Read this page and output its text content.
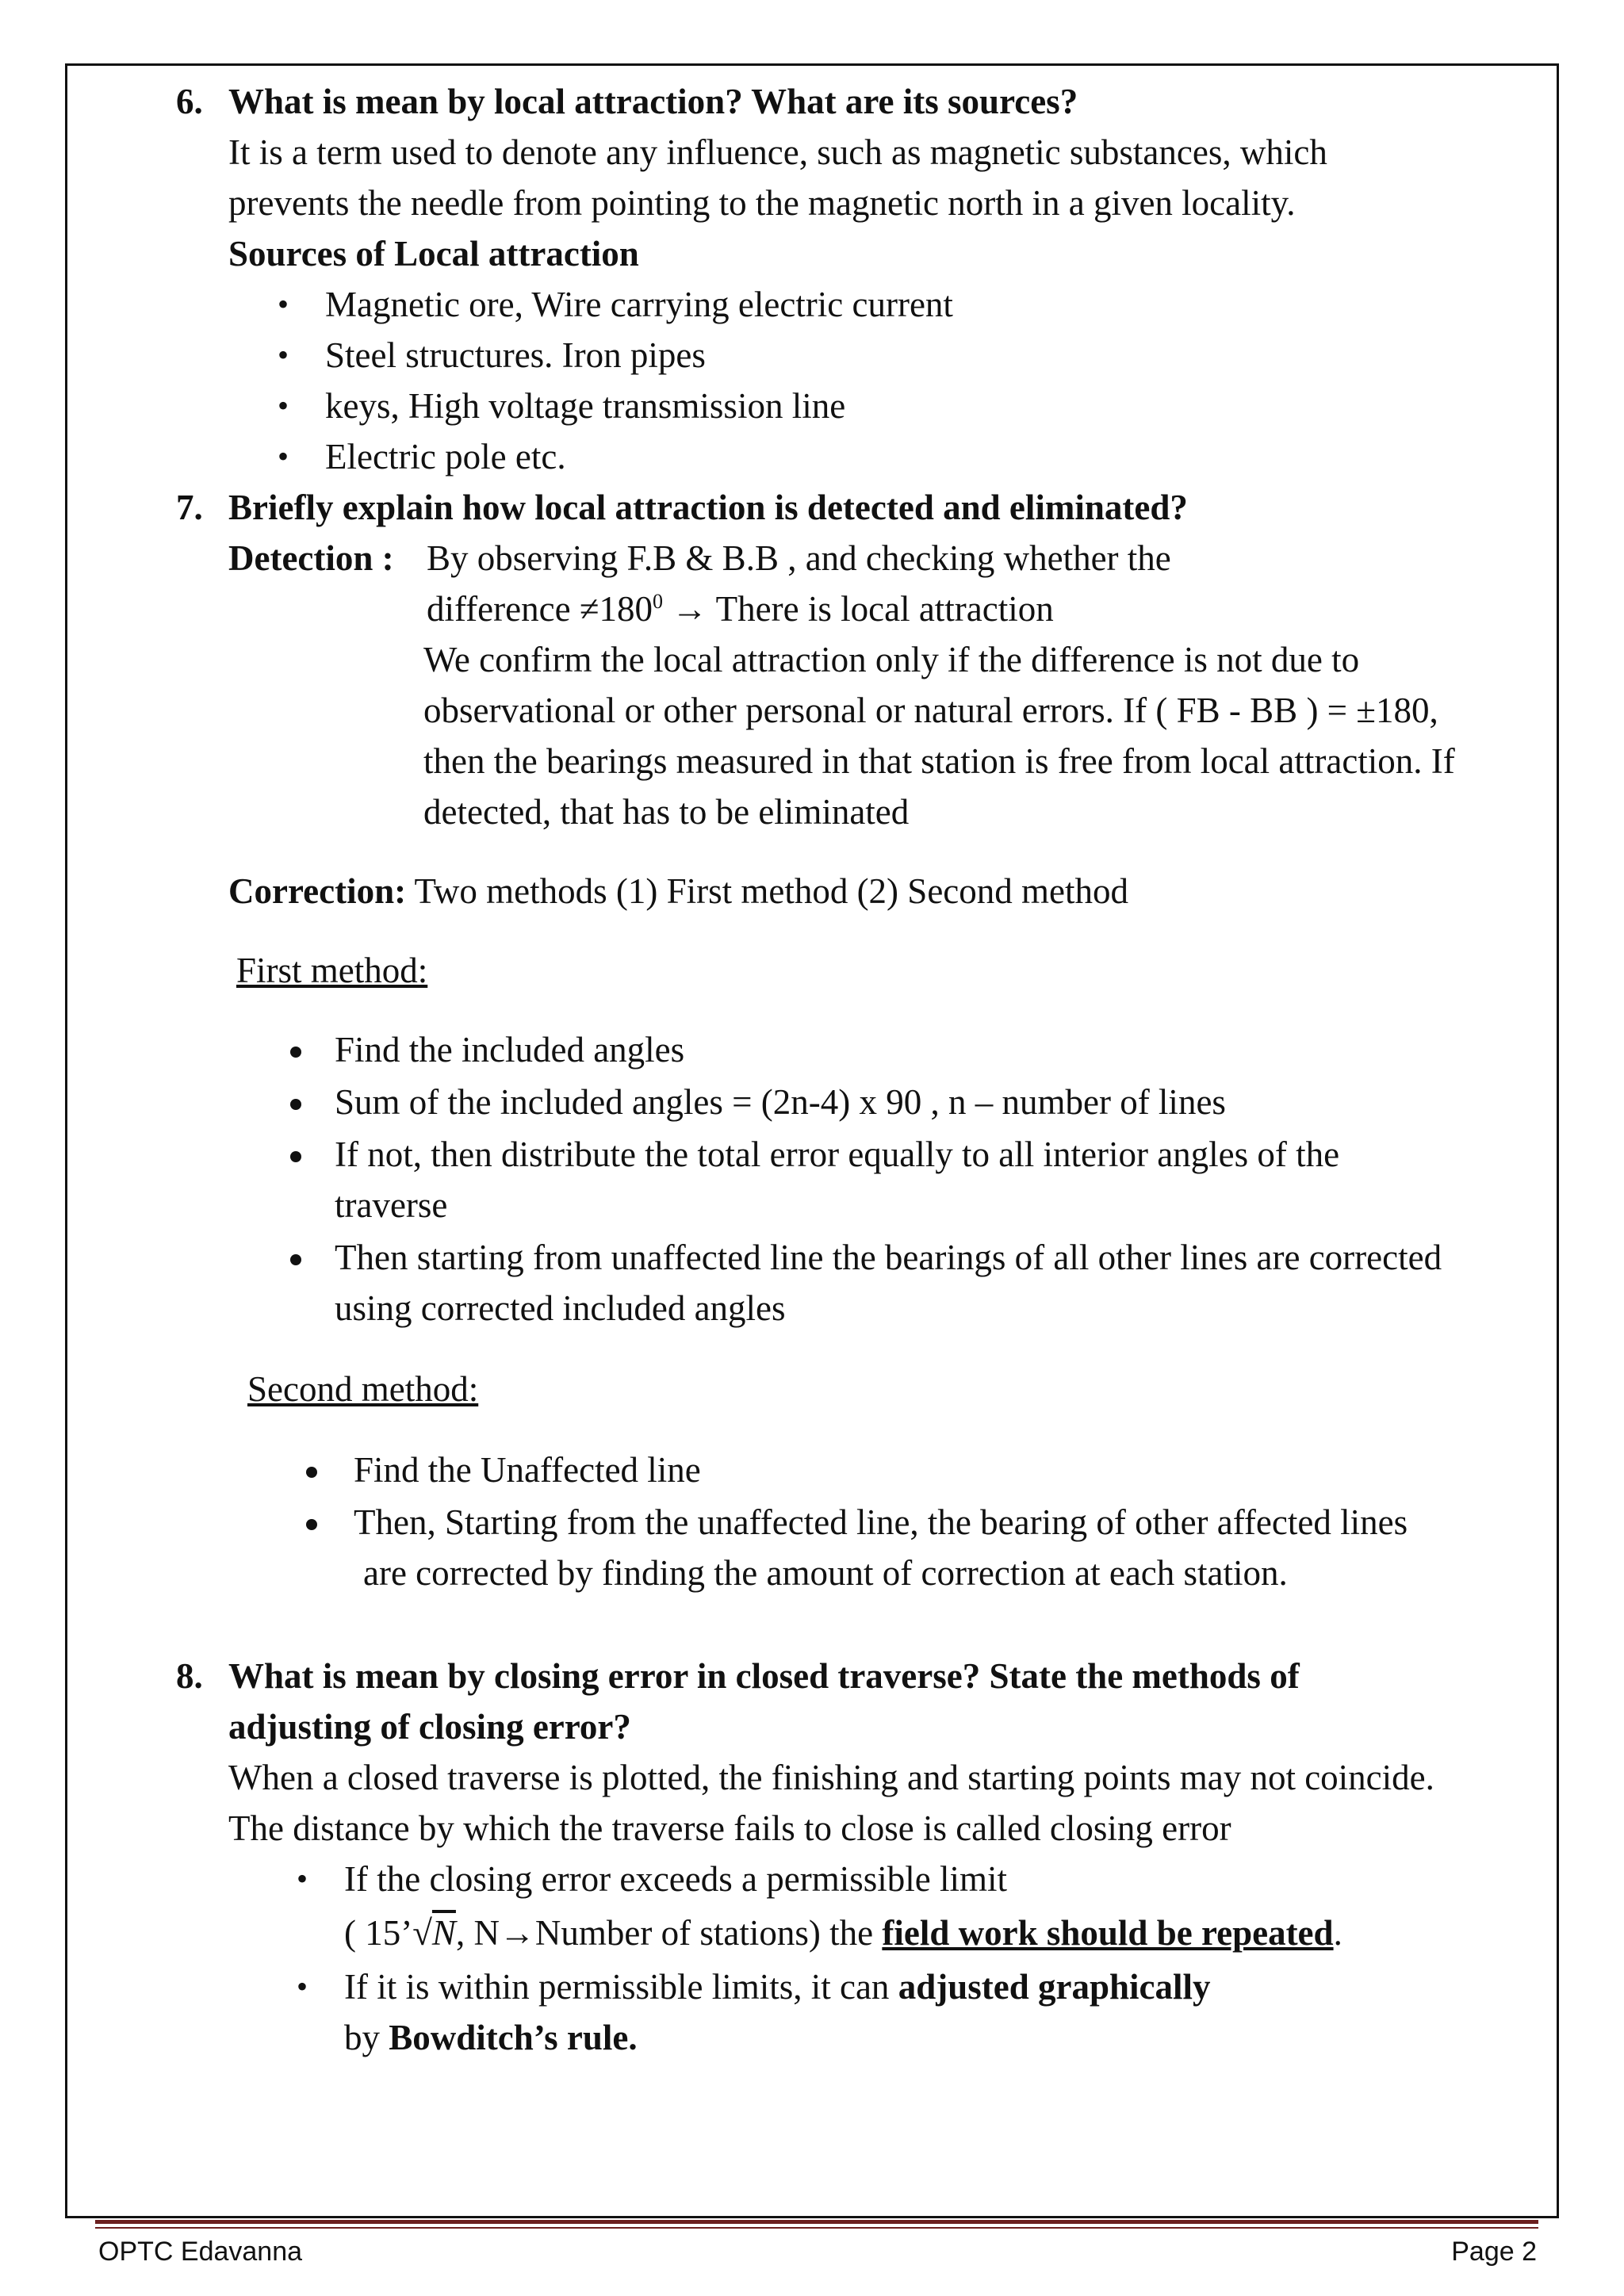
6. What is mean by local attraction? What are its sources?
It is a term used to denote any influence, such as magnetic substances, which
prevents the needle from pointing to the magnetic north in a given locality.
Sources of Local attraction
• Magnetic ore, Wire carrying electric current
• Steel structures. Iron pipes
• keys, High voltage transmission line
• Electric pole etc.
7. Briefly explain how local attraction is detected and eliminated?
Detection : By observing F.B & B.B , and checking whether the
difference $\ne 180^0$ → There is local attraction
We confirm the local attraction only if the difference is not due to
observational or other personal or natural errors. If ( FB - BB ) = ±180,
then the bearings measured in that station is free from local attraction. If
detected, that has to be eliminated
Correction: Two methods (1) First method (2) Second method
First method:
Find the included angles
Sum of the included angles = (2n-4) x 90 , n – number of lines
If not, then distribute the total error equally to all interior angles of the
traverse
Then starting from unaffected line the bearings of all other lines are corrected
using corrected included angles
Second method:
Find the Unaffected line
Then, Starting from the unaffected line, the bearing of other affected lines
are corrected by finding the amount of correction at each station.
8. What is mean by closing error in closed traverse? State the methods of
adjusting of closing error?
When a closed traverse is plotted, the finishing and starting points may not coincide.
The distance by which the traverse fails to close is called closing error
• If the closing error exceeds a permissible limit
( 15’√N, N→Number of stations) the field work should be repeated.
• If it is within permissible limits, it can adjusted graphically
by Bowditch’s rule.
OPTC Edavanna	Page 2
